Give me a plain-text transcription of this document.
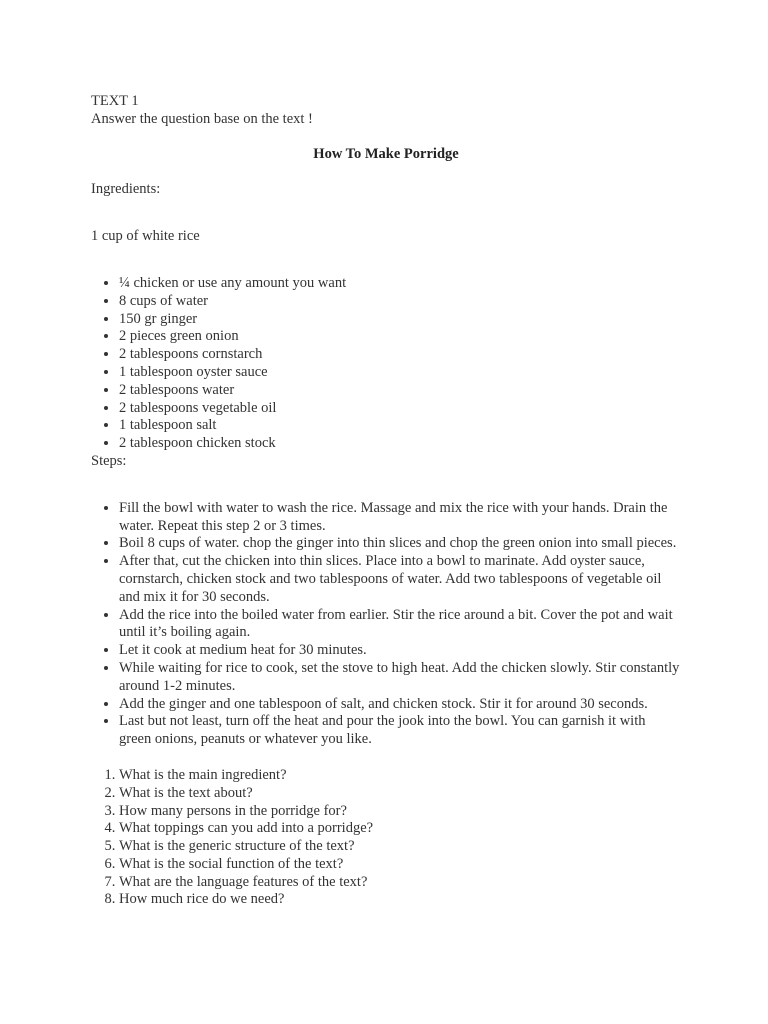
TEXT 1

Answer the question base on the text !

How To Make Porridge

Ingredients:

1 cup of white rice

• ¼ chicken or use any amount you want
• 8 cups of water
• 150 gr ginger
• 2 pieces green onion
• 2 tablespoons cornstarch
• 1 tablespoon oyster sauce
• 2 tablespoons water
• 2 tablespoons vegetable oil
• 1 tablespoon salt
• 2 tablespoon chicken stock

Steps:

• Fill the bowl with water to wash the rice. Massage and mix the rice with your hands. Drain the water. Repeat this step 2 or 3 times.
• Boil 8 cups of water. chop the ginger into thin slices and chop the green onion into small pieces.
• After that, cut the chicken into thin slices. Place into a bowl to marinate. Add oyster sauce, cornstarch, chicken stock and two tablespoons of water. Add two tablespoons of vegetable oil and mix it for 30 seconds.
• Add the rice into the boiled water from earlier. Stir the rice around a bit. Cover the pot and wait until it’s boiling again.
• Let it cook at medium heat for 30 minutes.
• While waiting for rice to cook, set the stove to high heat. Add the chicken slowly. Stir constantly around 1-2 minutes.
• Add the ginger and one tablespoon of salt, and chicken stock. Stir it for around 30 seconds.
• Last but not least, turn off the heat and pour the jook into the bowl. You can garnish it with green onions, peanuts or whatever you like.
1. What is the main ingredient?
2. What is the text about?
3. How many persons in the porridge for?
4. What toppings can you add into a porridge?
5. What is the generic structure of the text?
6. What is the social function of the text?
7. What are the language features of the text?
8. How much rice do we need?
